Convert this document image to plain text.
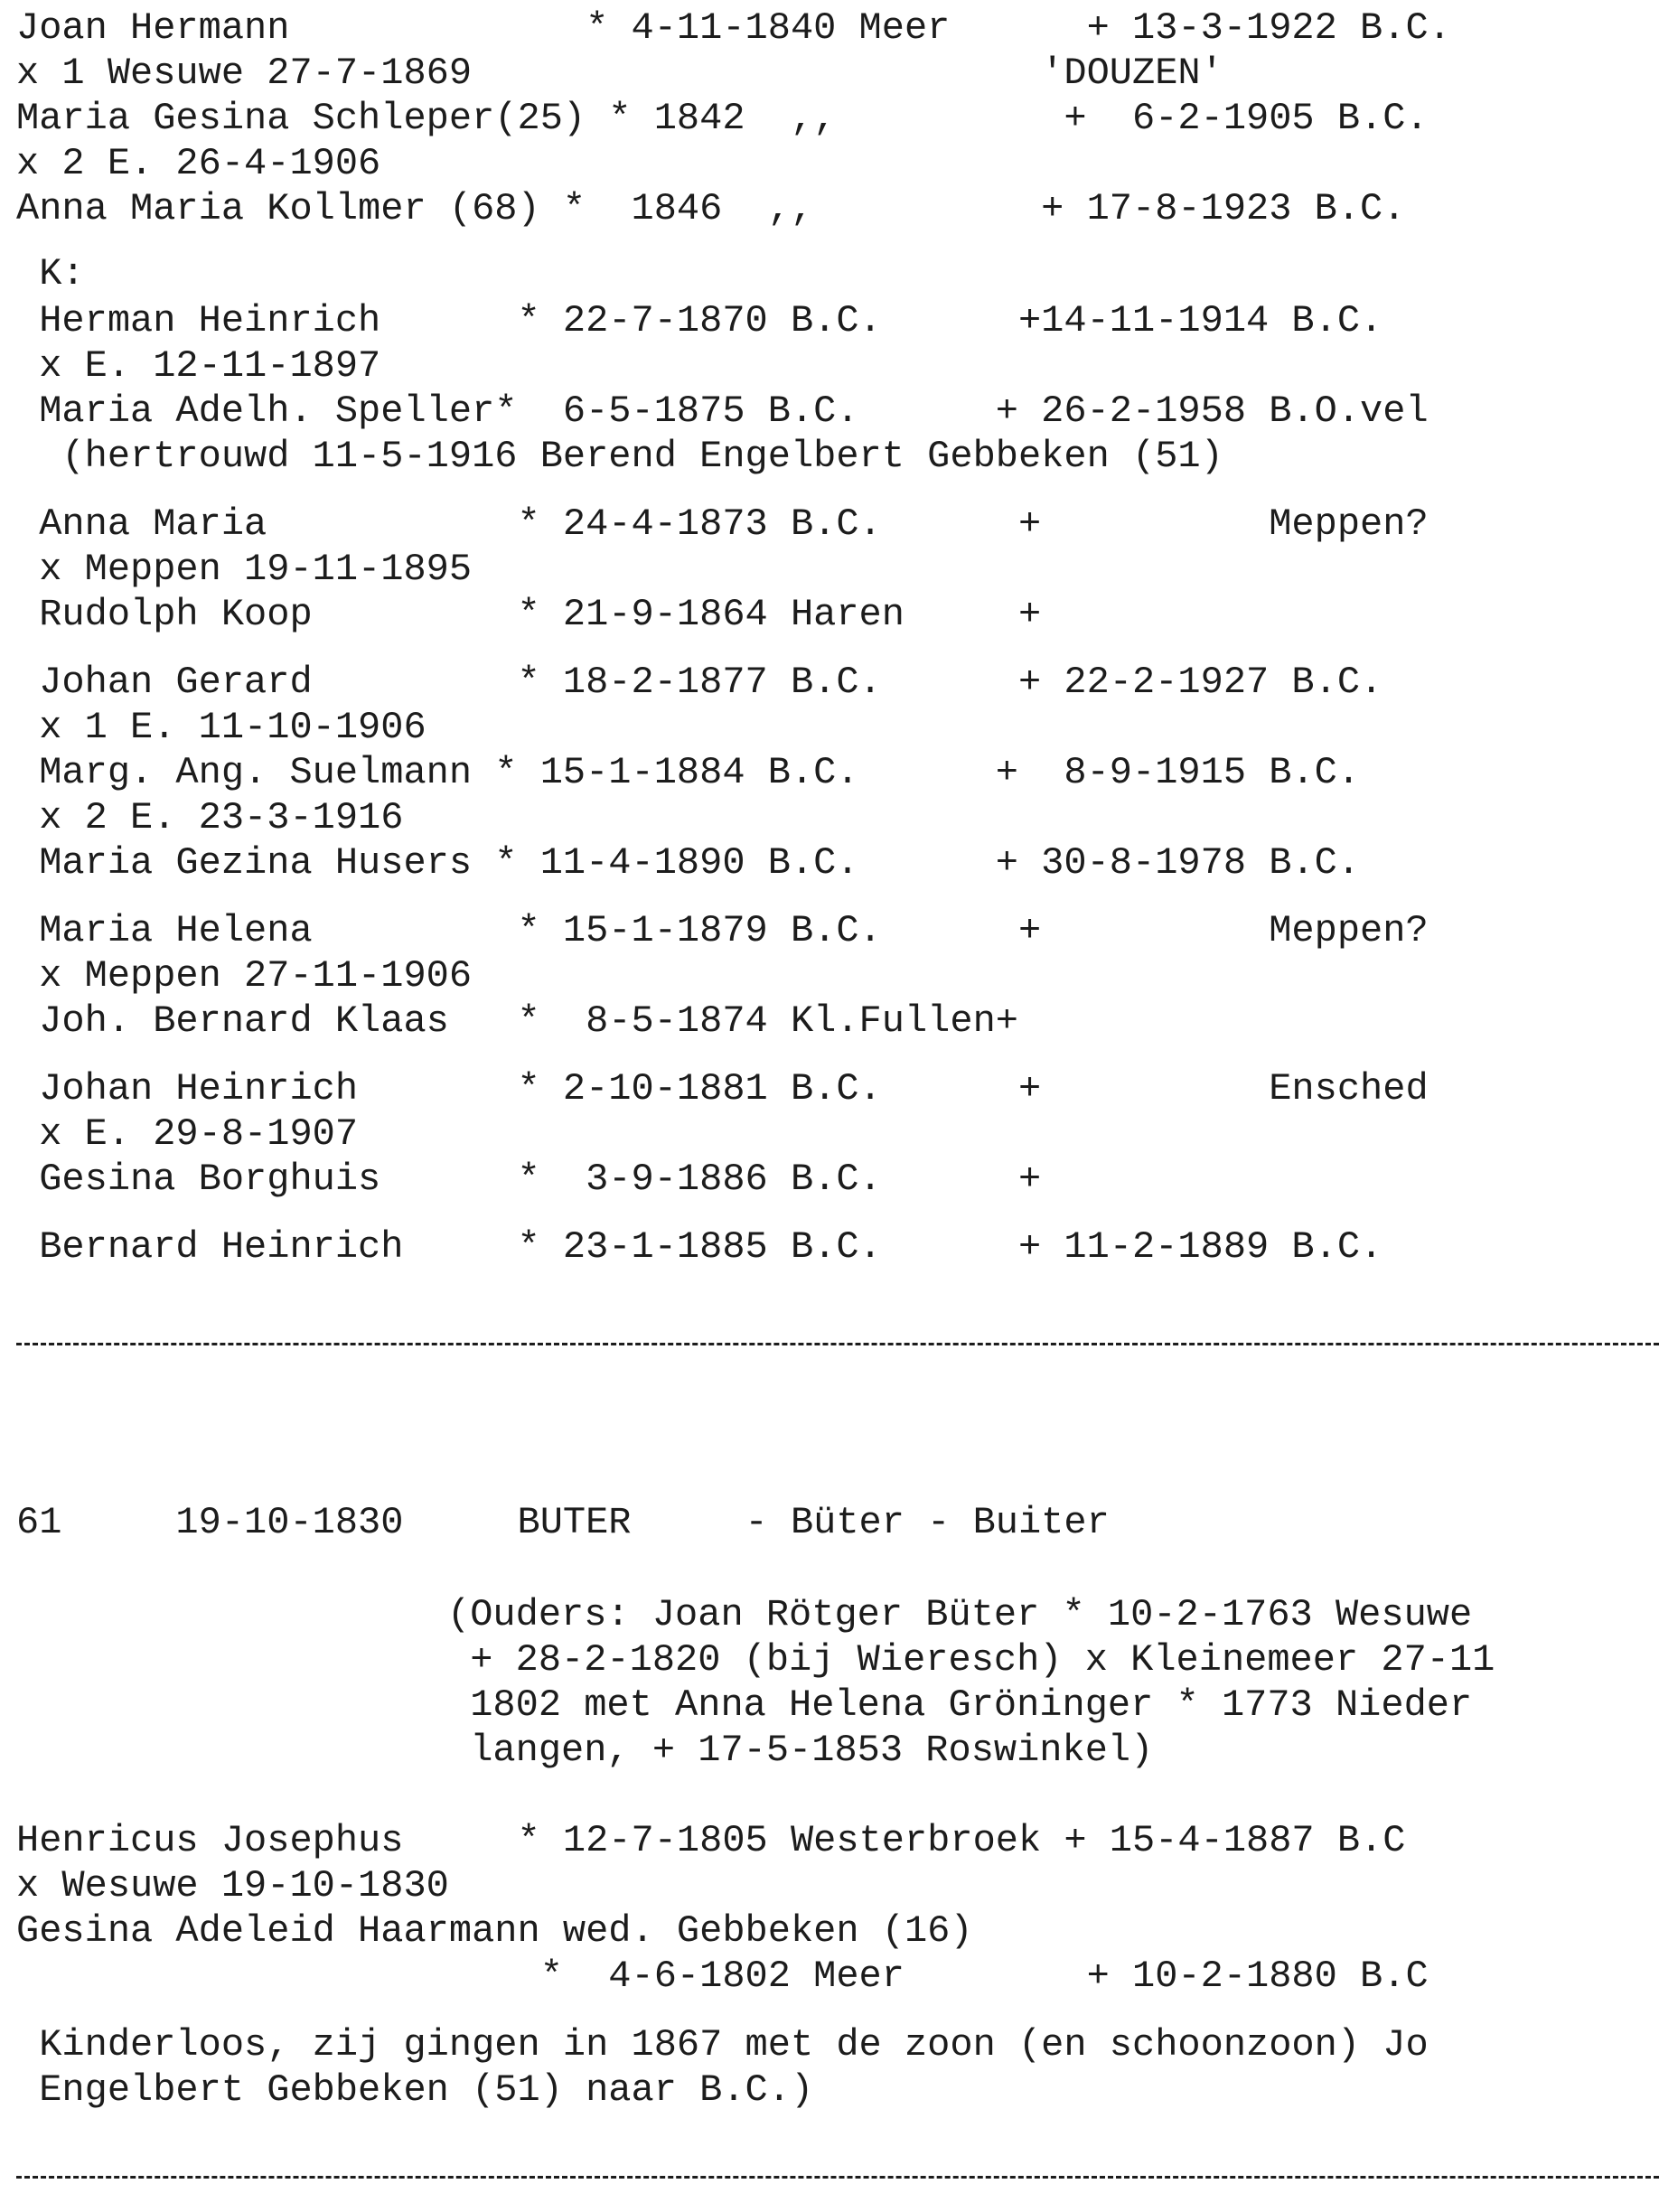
Joan Hermann             * 4-11-1840 Meer      + 13-3-1922 B.C.
x 1 Wesuwe 27-7-1869                         'DOUZEN'
Maria Gesina Schleper(25) * 1842  ,,          +  6-2-1905 B.C.
x 2 E. 26-4-1906
Anna Maria Kollmer (68) *  1846  ,,          + 17-8-1923 B.C.
K:
Herman Heinrich      * 22-7-1870 B.C.      +14-11-1914 B.C.
x E. 12-11-1897
Maria Adelh. Speller*  6-5-1875 B.C.      + 26-2-1958 B.O.vel
(hertrouwd 11-5-1916 Berend Engelbert Gebbeken (51)
Anna Maria           * 24-4-1873 B.C.      +          Meppen?
x Meppen 19-11-1895
Rudolph Koop         * 21-9-1864 Haren     +
Johan Gerard         * 18-2-1877 B.C.      + 22-2-1927 B.C.
x 1 E. 11-10-1906
Marg. Ang. Suelmann * 15-1-1884 B.C.      +  8-9-1915 B.C.
x 2 E. 23-3-1916
Maria Gezina Husers * 11-4-1890 B.C.      + 30-8-1978 B.C.
Maria Helena         * 15-1-1879 B.C.      +          Meppen?
x Meppen 27-11-1906
Joh. Bernard Klaas   *  8-5-1874 Kl.Fullen+
Johan Heinrich       * 2-10-1881 B.C.      +          Ensched
x E. 29-8-1907
Gesina Borghuis      *  3-9-1886 B.C.      +
Bernard Heinrich     * 23-1-1885 B.C.      + 11-2-1889 B.C.
61     19-10-1830     BUTER     - Büter - Buiter
(Ouders: Joan Rötger Büter * 10-2-1763 Wesuwe
+ 28-2-1820 (bij Wieresch) x Kleinemeer 27-11
1802 met Anna Helena Gröninger * 1773 Nieder
langen, + 17-5-1853 Roswinkel)
Henricus Josephus     * 12-7-1805 Westerbroek + 15-4-1887 B.C
x Wesuwe 19-10-1830
Gesina Adeleid Haarmann wed. Gebbeken (16)
*  4-6-1802 Meer        + 10-2-1880 B.C
Kinderloos, zij gingen in 1867 met de zoon (en schoonzoon) Jo
Engelbert Gebbeken (51) naar B.C.)
